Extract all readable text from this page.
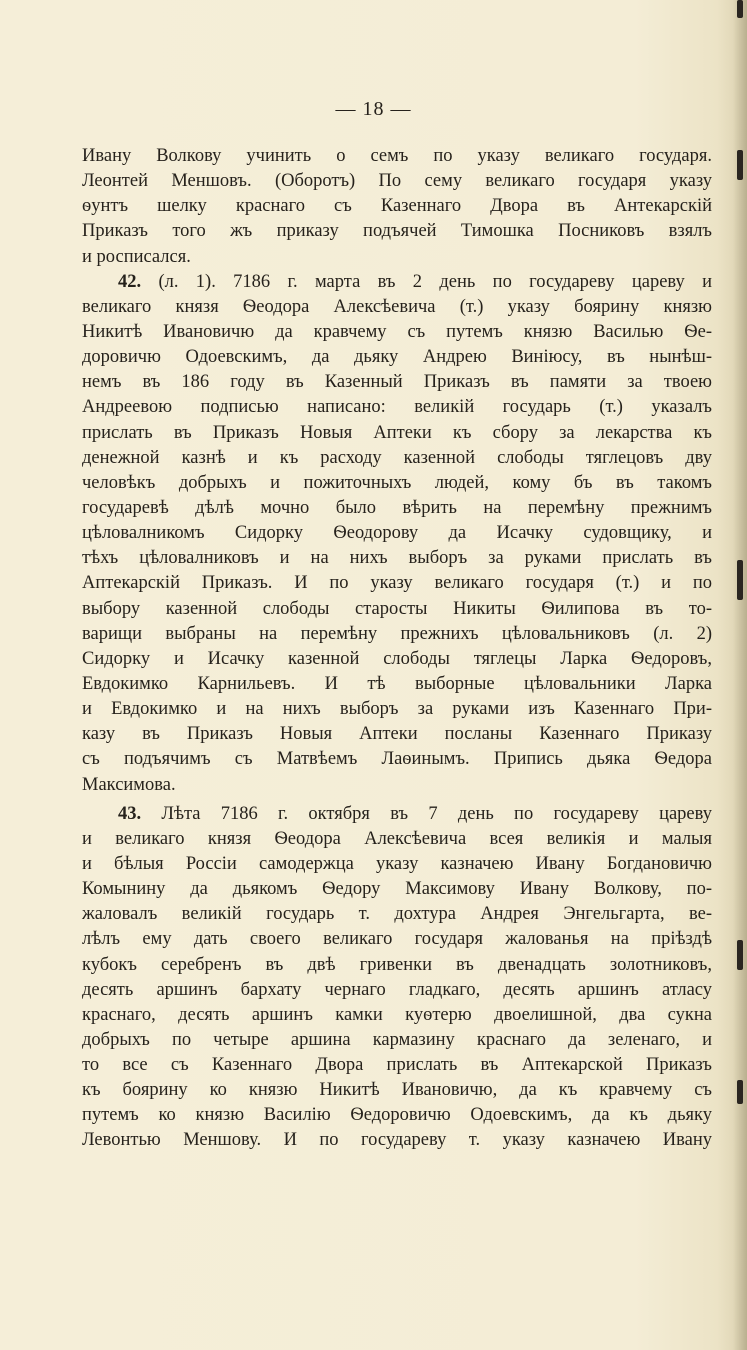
— 18 —
Ивану Волкову учинить о семъ по указу великаго государя.
Леонтей Меншовъ. (Оборотъ) По сему великаго государя указу
ѳунтъ шелку краснаго съ Казеннаго Двора въ Антекарскій
Приказъ того жъ приказу подъячей Тимошка Посниковъ взялъ
и росписался.
42. (л. 1). 7186 г. марта въ 2 день по государеву цареву и
великаго князя Ѳеодора Алексѣевича (т.) указу боярину князю
Никитѣ Ивановичю да кравчему съ путемъ князю Василью Ѳе-
доровичю Одоевскимъ, да дьяку Андрею Виніюсу, въ нынѣш-
немъ въ 186 году въ Казенный Приказъ въ памяти за твоею
Андреевою подписью написано: великій государь (т.) указалъ
прислать въ Приказъ Новыя Аптеки къ сбору за лекарства къ
денежной казнѣ и къ расходу казенной слободы тяглецовъ дву
человѣкъ добрыхъ и пожиточныхъ людей, кому бъ въ такомъ
государевѣ дѣлѣ мочно было вѣрить на перемѣну прежнимъ
цѣловалникомъ Сидорку Ѳеодорову да Исачку судовщику, и
тѣхъ цѣловалниковъ и на нихъ выборъ за руками прислать въ
Аптекарскій Приказъ. И по указу великаго государя (т.) и по
выбору казенной слободы старосты Никиты Ѳилипова въ то-
варищи выбраны на перемѣну прежнихъ цѣловальниковъ (л. 2)
Сидорку и Исачку казенной слободы тяглецы Ларка Ѳедоровъ,
Евдокимко Карнильевъ. И тѣ выборные цѣловальники Ларка
и Евдокимко и на нихъ выборъ за руками изъ Казеннаго При-
казу въ Приказъ Новыя Аптеки посланы Казеннаго Приказу
съ подъячимъ съ Матвѣемъ Лаѳинымъ. Припись дьяка Ѳедора
Максимова.
43. Лѣта 7186 г. октября въ 7 день по государеву цареву
и великаго князя Ѳеодора Алексѣевича всея великія и малыя
и бѣлыя Россіи самодержца указу казначею Ивану Богдановичю
Комынину да дьякомъ Ѳедору Максимову Ивану Волкову, по-
жаловалъ великій государь т. дохтура Андрея Энгельгарта, ве-
лѣлъ ему дать своего великаго государя жалованья на пріѣздѣ
кубокъ серебренъ въ двѣ гривенки въ двенадцать золотниковъ,
десять аршинъ бархату чернаго гладкаго, десять аршинъ атласу
краснаго, десять аршинъ камки куѳтерю двоелишной, два сукна
добрыхъ по четыре аршина кармазину краснаго да зеленаго, и
то все съ Казеннаго Двора прислать въ Аптекарской Приказъ
къ боярину ко князю Никитѣ Ивановичю, да къ кравчему съ
путемъ ко князю Василію Ѳедоровичю Одоевскимъ, да къ дьяку
Левонтью Меншову. И по государеву т. указу казначею Ивану
